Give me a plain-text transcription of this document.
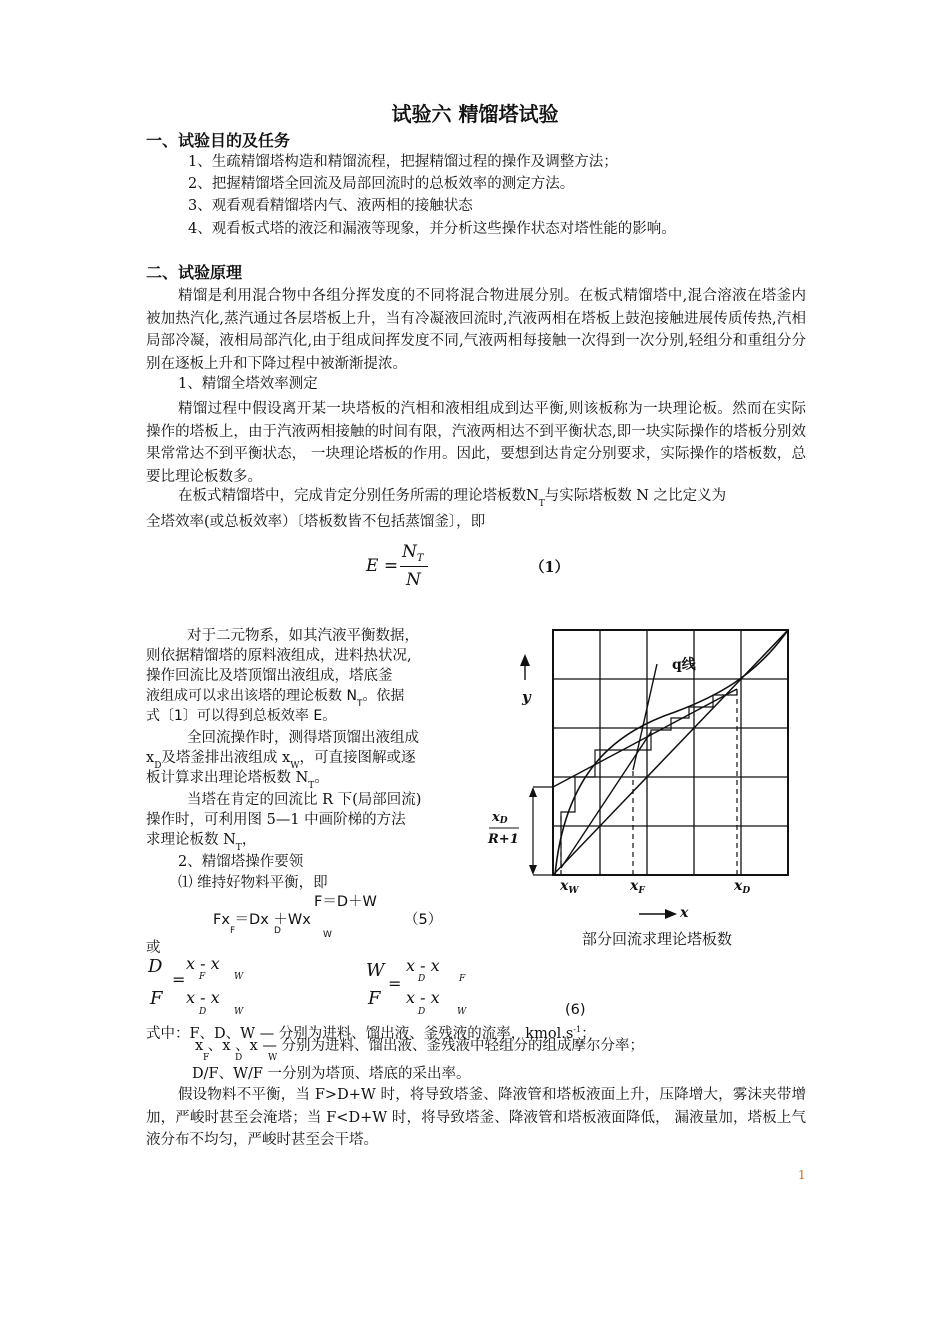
试验六 精馏塔试验
一、试验目的及任务
1、生疏精馏塔构造和精馏流程，把握精馏过程的操作及调整方法；
2、把握精馏塔全回流及局部回流时的总板效率的测定方法。
3、观看观看精馏塔内气、液两相的接触状态
4、观看板式塔的液泛和漏液等现象，并分析这些操作状态对塔性能的影响。
二、试验原理
精馏是利用混合物中各组分挥发度的不同将混合物进展分别。在板式精馏塔中,混合溶液在塔釜内被加热汽化,蒸汽通过各层塔板上升，当有冷凝液回流时,汽液两相在塔板上鼓泡接触进展传质传热,汽相局部冷凝，液相局部汽化,由于组成间挥发度不同,气液两相每接触一次得到一次分别,轻组分和重组分分别在逐板上升和下降过程中被渐渐提浓。
1、精馏全塔效率测定
精馏过程中假设离开某一块塔板的汽相和液相组成到达平衡,则该板称为一块理论板。然而在实际操作的塔板上，由于汽液两相接触的时间有限，汽液两相达不到平衡状态,即一块实际操作的塔板分别效果常常达不到平衡状态， 一块理论塔板的作用。因此，要想到达肯定分别要求，实际操作的塔板数，总要比理论板数多。
在板式精馏塔中，完成肯定分别任务所需的理论塔板数$N_T$与实际塔板数 N 之比定义为
全塔效率(或总板效率）〔塔板数皆不包括蒸馏釜〕，即
E =
$N_T$
N
（1）
对于二元物系，如其汽液平衡数据，
则依据精馏塔的原料液组成，进料热状况,
操作回流比及塔顶馏出液组成，塔底釜
液组成可以求出该塔的理论板数 $N_T$。依据
式〔1〕可以得到总板效率 E。
全回流操作时，测得塔顶馏出液组成
$x_D$及塔釜排出液组成 $x_W$，可直接图解或逐
板计算求出理论塔板数 $N_T$。
当塔在肯定的回流比 R 下(局部回流)
操作时，可利用图 5—1 中画阶梯的方法
求理论板数 $N_T$，
2、精馏塔操作要领
⑴ 维持好物料平衡，即
F＝D＋W
Fx ＝Dx ＋Wx
F	D	W
（5）
或
D
=
F
x - x
F	W
x - x
D	W
W
=
F
x - x
D	F
x - x
D	W	(6)
式中：F、D、W — 分别为进料、馏出液、釜残液的流率，$kmol.s^{-1}$；
x 、x 、x — 分别为进料、馏出液、釜残液中轻组分的组成摩尔分率；
F	D	W
D/F、W/F 一分别为塔顶、塔底的采出率。
假设物料不平衡，当 F>D+W 时，将导致塔釜、降液管和塔板液面上升，压降增大，雾沫夹带增加，严峻时甚至会淹塔；当 F<D+W 时，将导致塔釜、降液管和塔板液面降低， 漏液量加，塔板上气液分布不均匀，严峻时甚至会干塔。
y
q线
xD
R+1
$x_W$	$x_F$	$x_D$
x
部分回流求理论塔板数
1
